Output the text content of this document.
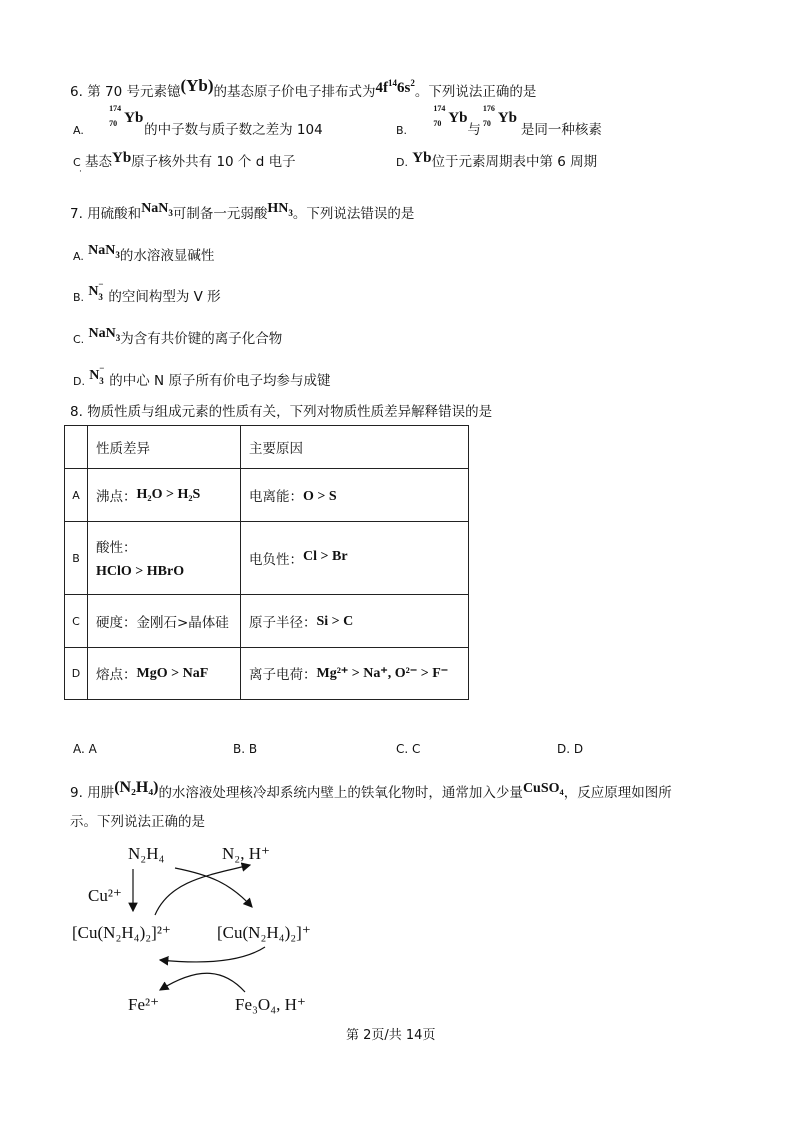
6. 第 70 号元素镱(Yb)的基态原子价电子排布式为$4f^{14}6s^2$。下列说法正确的是
A.
174
70 Yb
的中子数与质子数之差为 104	B.
174
70 Yb
与
176
70 Yb
是同一种核素
C 基态Yb原子核外共有 10 个 d 电子
·
D. Yb位于元素周期表中第 6 周期
7. 用硫酸和NaN$_3$可制备一元弱酸$HN_3$。下列说法错误的是
A. NaN$_3$的水溶液显碱性
B. N −
3 的空间构型为 V 形
C. NaN$_3$为含有共价键的离子化合物
D. N −
3 的中心 N 原子所有价电子均参与成键
8. 物质性质与组成元素的性质有关，下列对物质性质差异解释错误的是
	性质差异	主要原因
A	沸点：H₂O > H₂S	电离能：O > S
B	酸性：
HClO > HBrO	电负性：Cl > Br
C	硬度：金刚石>晶体硅	原子半径：Si > C
D	熔点：MgO > NaF	离子电荷：Mg²⁺ > Na⁺, O²⁻ > F⁻
A. A	B. B	C. C	D. D
9. 用肼(N₂H₄)的水溶液处理核冷却系统内壁上的铁氧化物时，通常加入少量CuSO₄，反应原理如图所
示。下列说法正确的是
N₂H₄	N₂, H⁺
Cu²⁺
[Cu(N₂H₄)₂]²⁺	[Cu(N₂H₄)₂]⁺
Fe²⁺	Fe₃O₄, H⁺
第 2页/共 14页
